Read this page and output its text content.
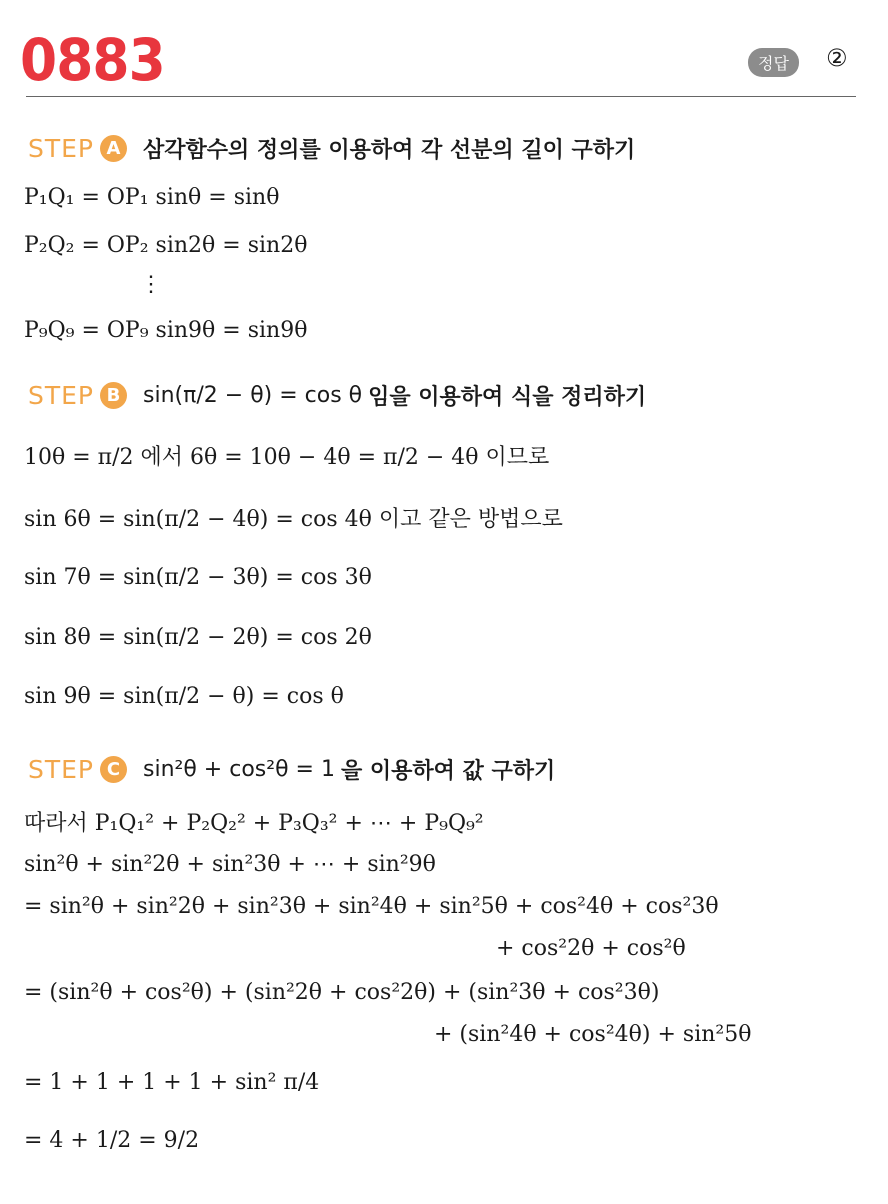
0883	정답	②
STEP A 삼각함수의 정의를 이용하여 각 선분의 길이 구하기
P₁Q₁ = OP₁ sinθ = sinθ
P₂Q₂ = OP₂ sin2θ = sin2θ
⋮
P₉Q₉ = OP₉ sin9θ = sin9θ
STEP B	sin(π/2 − θ) = cos θ 임을 이용하여 식을 정리하기
10θ = π/2 에서 6θ = 10θ − 4θ = π/2 − 4θ 이므로
sin 6θ = sin(π/2 − 4θ) = cos 4θ 이고 같은 방법으로
sin 7θ = sin(π/2 − 3θ) = cos 3θ
sin 8θ = sin(π/2 − 2θ) = cos 2θ
sin 9θ = sin(π/2 − θ) = cos θ
STEP C	sin²θ + cos²θ = 1 을 이용하여 값 구하기
따라서 P₁Q₁² + P₂Q₂² + P₃Q₃² + ⋯ + P₉Q₉²
sin²θ + sin²2θ + sin²3θ + ⋯ + sin²9θ
= sin²θ + sin²2θ + sin²3θ + sin²4θ + sin²5θ + cos²4θ + cos²3θ
+ cos²2θ + cos²θ
= (sin²θ + cos²θ) + (sin²2θ + cos²2θ) + (sin²3θ + cos²3θ)
+ (sin²4θ + cos²4θ) + sin²5θ
= 1 + 1 + 1 + 1 + sin² π/4
= 4 + 1/2 = 9/2
